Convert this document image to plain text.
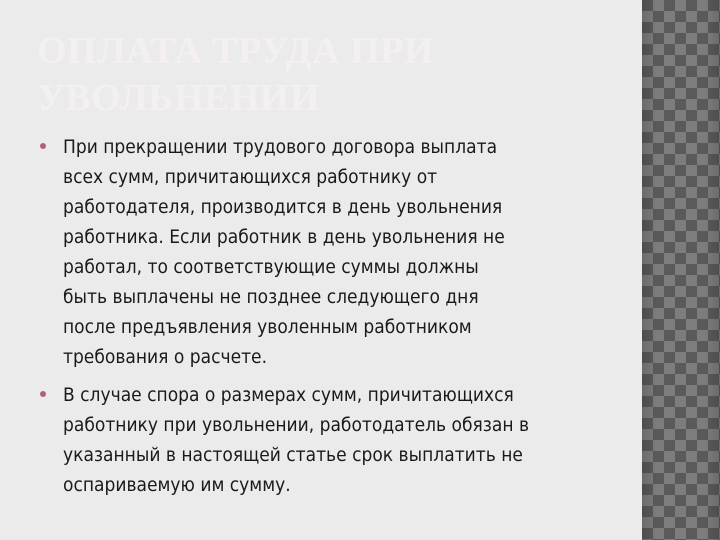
ОПЛАТА ТРУДА ПРИ
УВОЛЬНЕНИИ
При прекращении трудового договора выплата
всех сумм, причитающихся работнику от
работодателя, производится в день увольнения
работника. Если работник в день увольнения не
работал, то соответствующие суммы должны
быть выплачены не позднее следующего дня
после предъявления уволенным работником
требования о расчете.
В случае спора о размерах сумм, причитающихся
работнику при увольнении, работодатель обязан в
указанный в настоящей статье срок выплатить не
оспариваемую им сумму.
